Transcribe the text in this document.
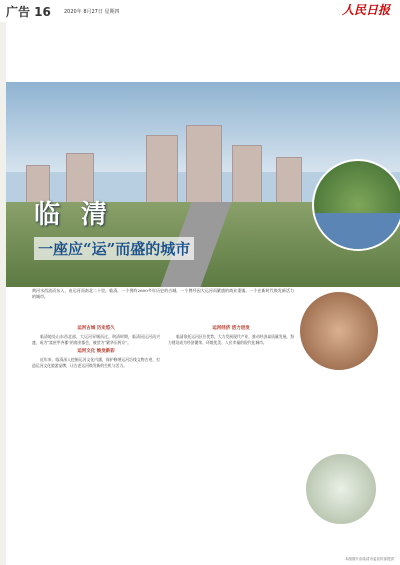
广告 16	2020年 8月27日 星期四	人民日报
临 清
一座应“运”而盛的城市
黄河水西流而东入，由运河而南北二十里。临清，一个拥有2600多年历史的古城，一个曾经因大运河而繁盛的商业重镇，一个在新时代焕发新活力的城市。
运河古城 历史悠久

临清地处山东西北部，大运河穿城而过。明清时期，临清因运河而兴盛，成为“富庶甲齐郡”的商业都会，被誉为“繁华压两京”。

运河文化 焕发新彩

近年来，临清深入挖掘运河文化内涵，保护修缮运河沿线文物古迹，打造运河文化旅游品牌，让古老运河焕发新的生机与活力。

运河经济 活力迸发

临清依托运河区位优势，大力发展现代产业，推动经济高质量发展，努力建设成为经济繁荣、环境优美、人民幸福的现代化城市。

本版图片由临清市委宣传部提供
